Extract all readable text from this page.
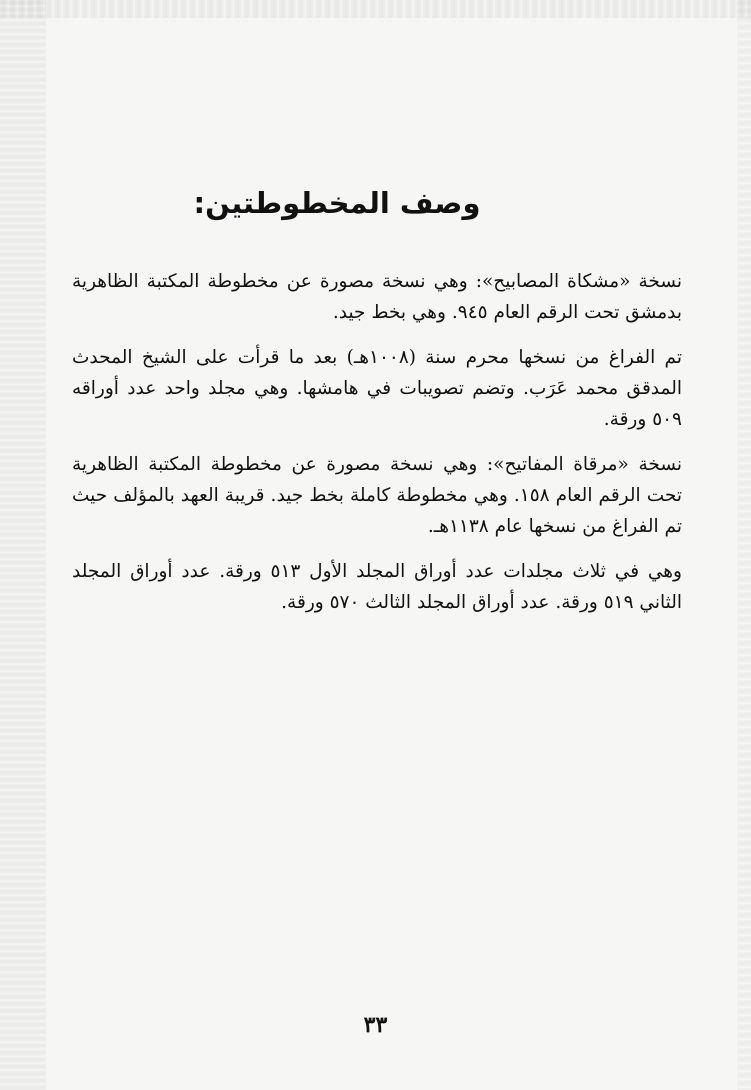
وصف المخطوطتين:

نسخة «مشكاة المصابيح»: وهي نسخة مصورة عن مخطوطة المكتبة الظاهرية بدمشق تحت الرقم العام ٩٤٥. وهي بخط جيد.

تم الفراغ من نسخها محرم سنة (١٠٠٨هـ) بعد ما قرأت على الشيخ المحدث المدقق محمد عَرَب. وتضم تصويبات في هامشها. وهي مجلد واحد عدد أوراقه ٥٠٩ ورقة.

نسخة «مرقاة المفاتيح»: وهي نسخة مصورة عن مخطوطة المكتبة الظاهرية تحت الرقم العام ١٥٨. وهي مخطوطة كاملة بخط جيد. قريبة العهد بالمؤلف حيث تم الفراغ من نسخها عام ١١٣٨هـ.

وهي في ثلاث مجلدات عدد أوراق المجلد الأول ٥١٣ ورقة. عدد أوراق المجلد الثاني ٥١٩ ورقة. عدد أوراق المجلد الثالث ٥٧٠ ورقة.

٣٣
